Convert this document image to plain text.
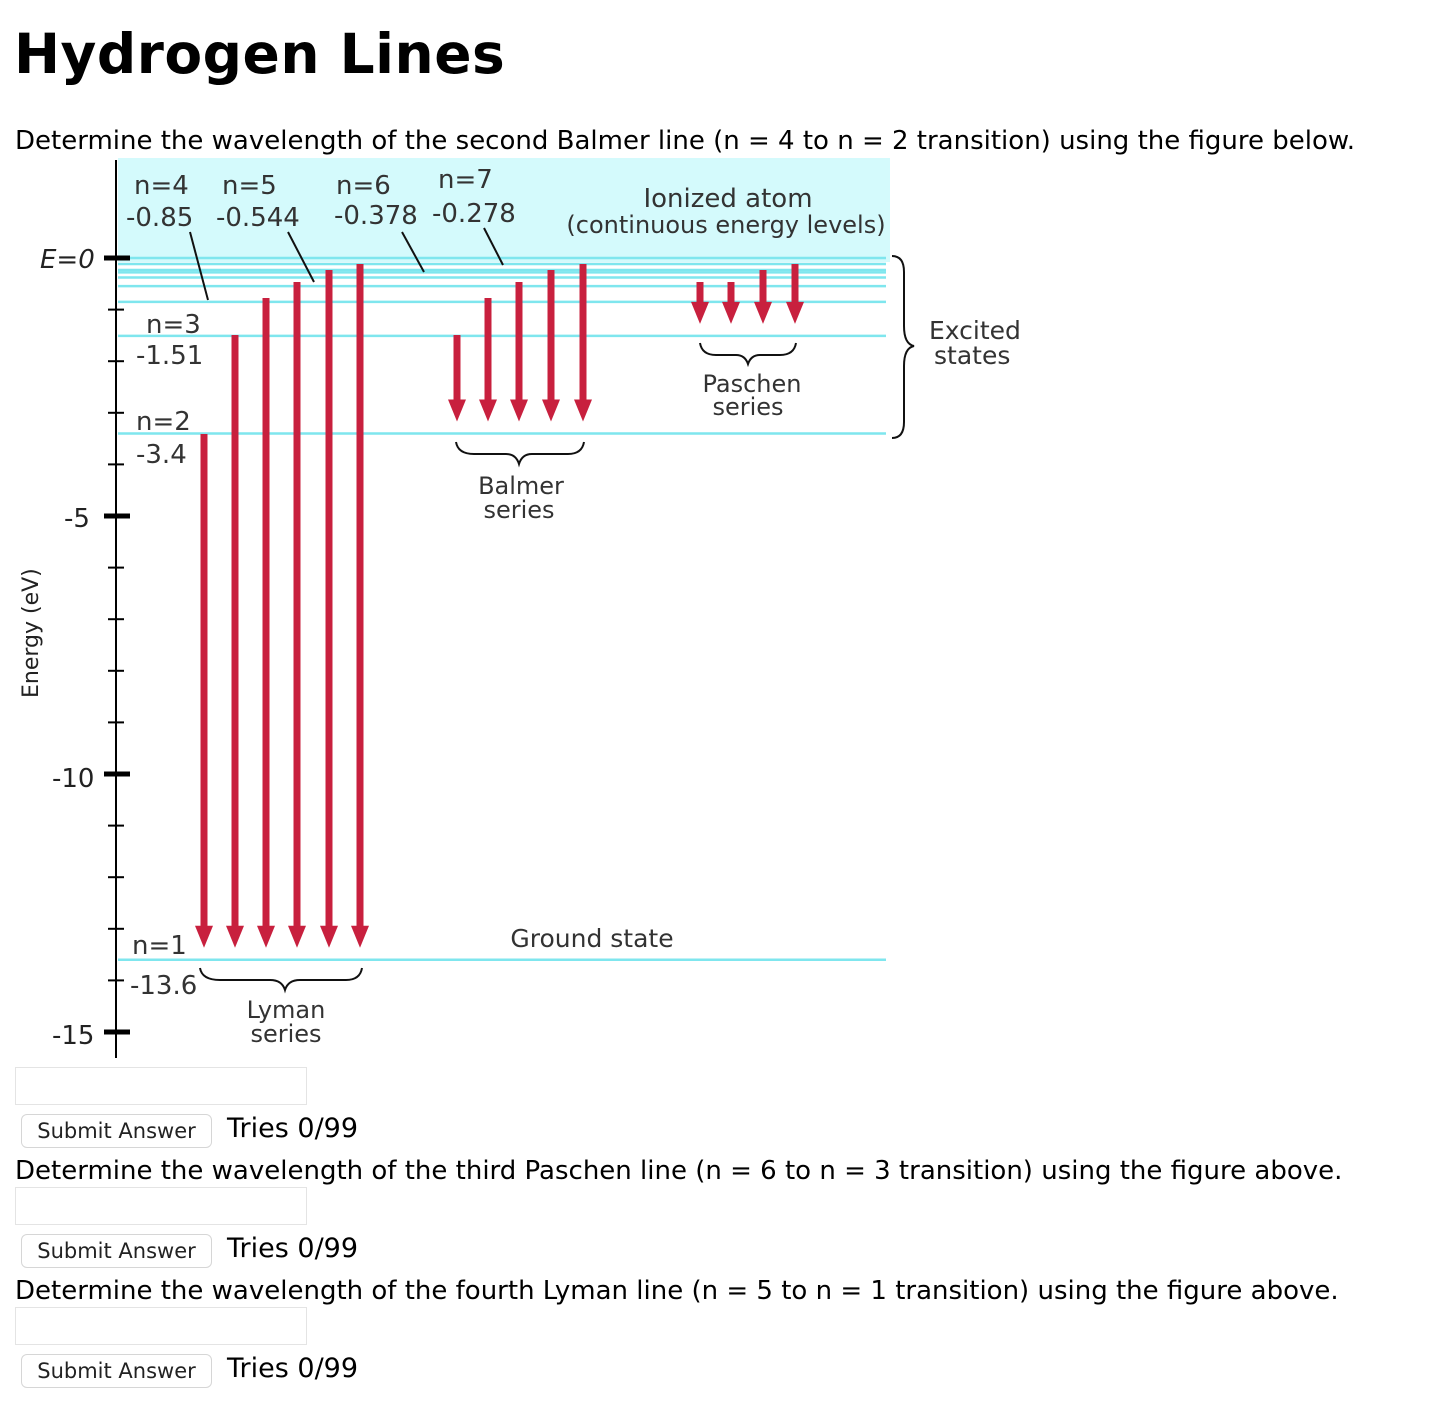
Hydrogen Lines
Determine the wavelength of the second Balmer line (n = 4 to n = 2 transition) using the figure below.
E=0
-5
-10
-15
Energy (eV)
n=4
-0.85
n=5
-0.544
n=6
-0.378
n=7
-0.278
n=3
-1.51
n=2
-3.4
n=1
-13.6
Ionized atom
(continuous energy levels)
Lyman
series
Balmer
series
Paschen
series
Excited
states
Ground state
Submit Answer	Tries 0/99
Determine the wavelength of the third Paschen line (n = 6 to n = 3 transition) using the figure above.
Submit Answer	Tries 0/99
Determine the wavelength of the fourth Lyman line (n = 5 to n = 1 transition) using the figure above.
Submit Answer	Tries 0/99
